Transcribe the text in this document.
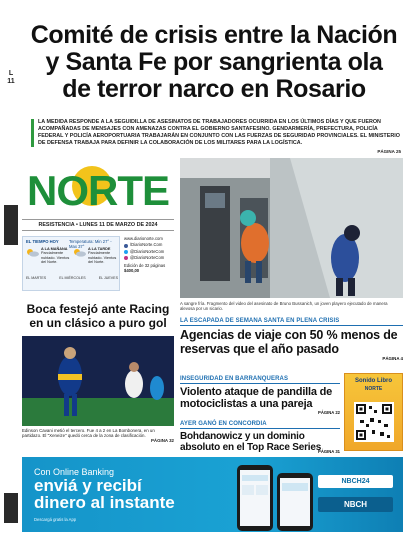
Comité de crisis entre la Nación
y Santa Fe por sangrienta ola
de terror narco en Rosario
L
11
LA MEDIDA RESPONDE A LA SEGUIDILLA DE ASESINATOS DE TRABAJADORES OCURRIDA EN LOS ÚLTIMOS DÍAS Y QUE FUERON ACOMPAÑADAS DE MENSAJES CON AMENAZAS CONTRA EL GOBIERNO SANTAFESINO. GENDARMERÍA, PREFECTURA, POLICÍA FEDERAL Y POLICÍA AEROPORTUARIA TRABAJARÁN EN CONJUNTO CON LAS FUERZAS DE SEGURIDAD PROVINCIALES. EL MINISTERIO DE DEFENSA TRABAJA PARA DEFINIR LA COLABORACIÓN DE LOS MILITARES PARA LA LOGÍSTICA.
PÁGINA 25
NORTE
RESISTENCIA • LUNES 11 DE MARZO DE 2024
EL TIEMPO HOY Temperatura: Min 27° - Max 37°
A LA MAÑANA
Parcialmente nublado. Vientos del Norte.
A LA TARDE
Parcialmente nublado. Vientos del Norte.
EL MARTES	EL MIÉRCOLES	EL JUEVES
www.diarionorte.com
/DiarioNorte.Com
@DiarioNorteCom
@DiarioNorteCom
Edición de 32 páginas
$400,00
Boca festejó ante Racing en un clásico a puro gol
Edinson Cavani metió el tercero. Fue 4 a 2 en La Bombonera, en un partidazo. El "Xeneize" quedó cerca de la zona de clasificación.
PÁGINA 32
A sangre fría. Fragmento del video del asesinato de Bruno Bussanich, un joven playero ejecutado de manera alevosa por un sicario.
LA ESCAPADA DE SEMANA SANTA EN PLENA CRISIS
Agencias de viaje con 50 % menos de reservas que el año pasado
PÁGINA 4
INSEGURIDAD EN BARRANQUERAS
Violento ataque de pandilla de motociclistas a una pareja
PÁGINA 22
AYER GANÓ EN CONCORDIA
Bohdanowicz y un dominio absoluto en el Top Race Series
PÁGINA 31
Sonido Libro
NORTE
Con Online Banking
enviá y recibí
dinero al instante
Descargá gratis la App
NBCH24
NBCH
